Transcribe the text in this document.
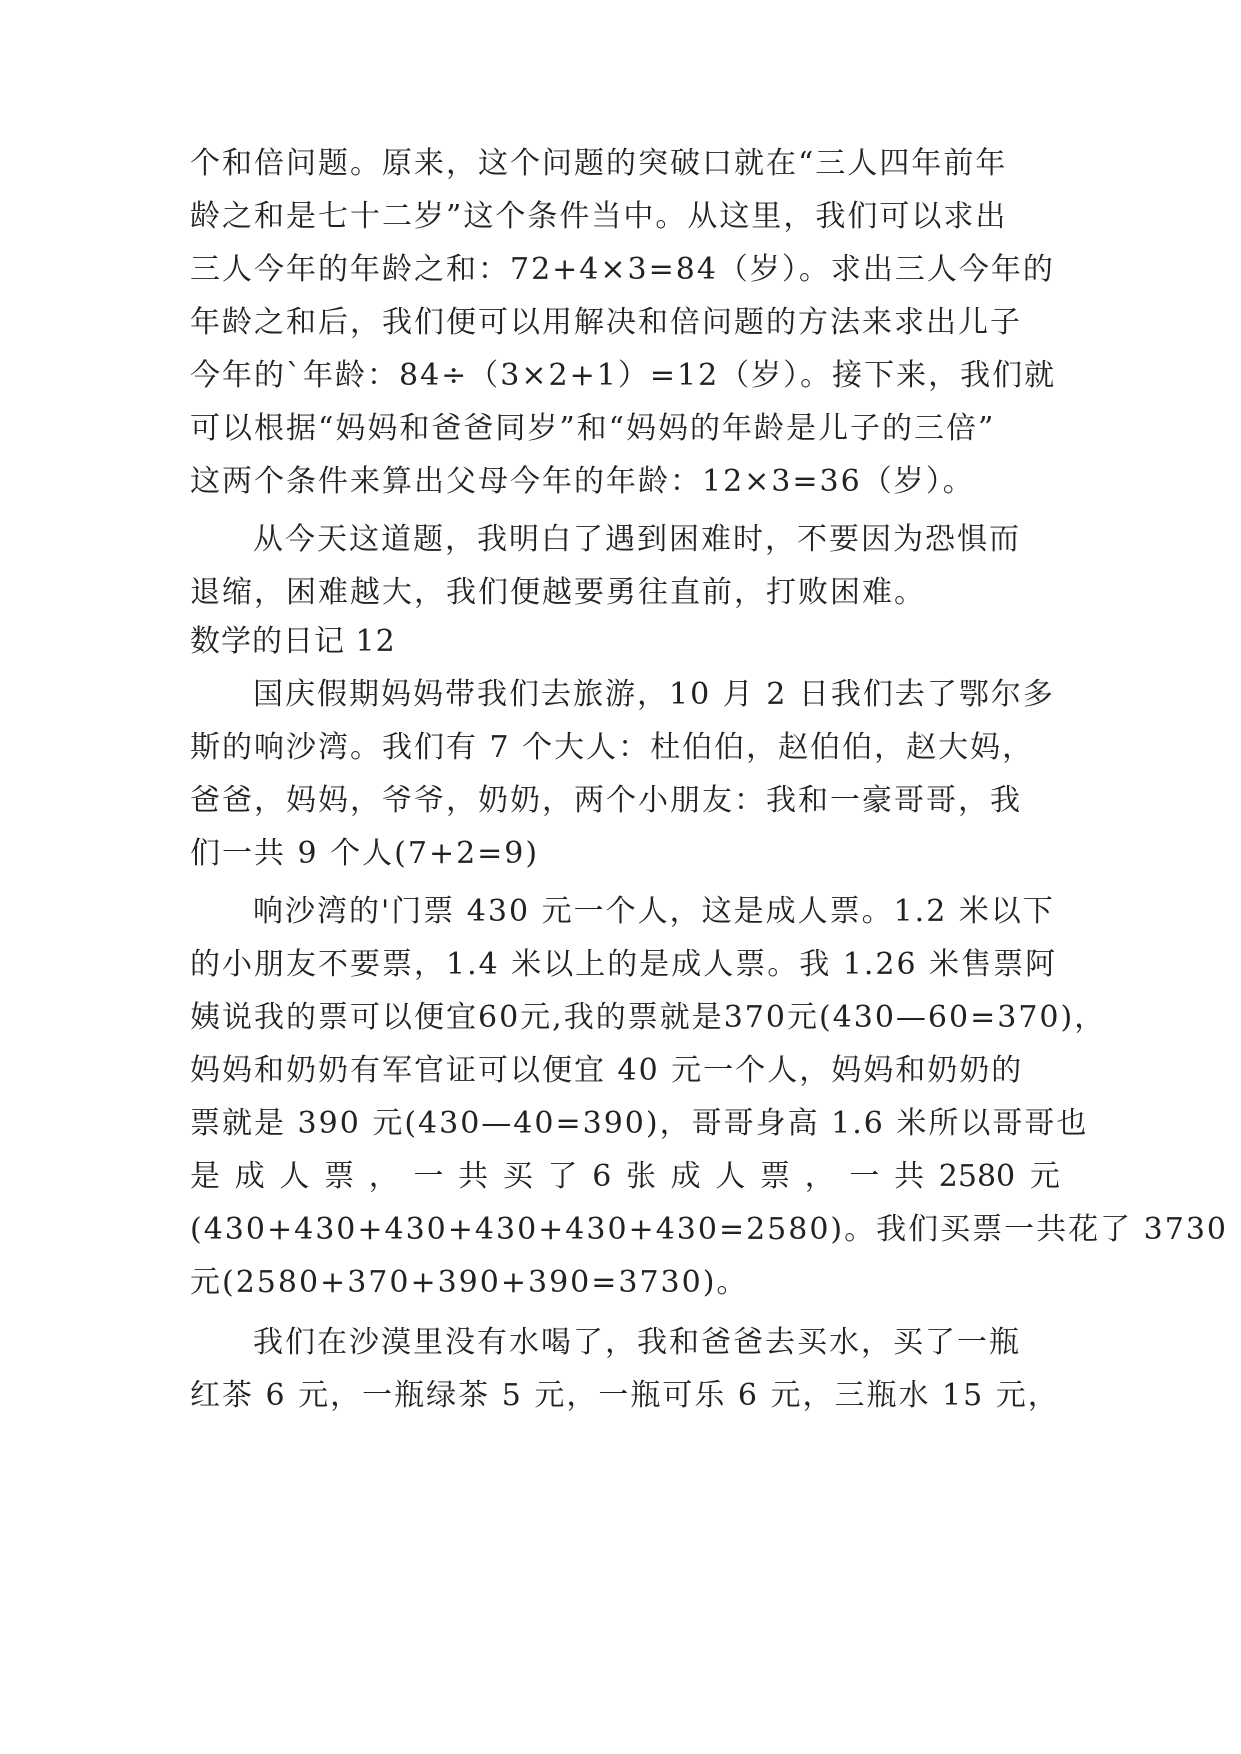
个和倍问题。原来，这个问题的突破口就在“三人四年前年
龄之和是七十二岁”这个条件当中。从这里，我们可以求出
三人今年的年龄之和：72+4×3=84（岁）。求出三人今年的
年龄之和后，我们便可以用解决和倍问题的方法来求出儿子
今年的`年龄：84÷（3×2+1）=12（岁）。接下来，我们就
可以根据“妈妈和爸爸同岁”和“妈妈的年龄是儿子的三倍”
这两个条件来算出父母今年的年龄：12×3=36（岁）。
从今天这道题，我明白了遇到困难时，不要因为恐惧而
退缩，困难越大，我们便越要勇往直前，打败困难。
数学的日记 12
国庆假期妈妈带我们去旅游，10 月 2 日我们去了鄂尔多
斯的响沙湾。我们有 7 个大人：杜伯伯，赵伯伯，赵大妈，
爸爸，妈妈，爷爷，奶奶，两个小朋友：我和一豪哥哥，我
们一共 9 个人(7+2=9)
响沙湾的'门票 430 元一个人，这是成人票。1.2 米以下
的小朋友不要票，1.4 米以上的是成人票。我 1.26 米售票阿
姨说我的票可以便宜60元,我的票就是370元(430—60=370)，
妈妈和奶奶有军官证可以便宜 40 元一个人，妈妈和奶奶的
票就是 390 元(430—40=390)，哥哥身高 1.6 米所以哥哥也
是 成 人 票 ， 一 共 买 了 6 张 成 人 票 ， 一 共 2580 元
(430+430+430+430+430+430=2580)。我们买票一共花了 3730
元(2580+370+390+390=3730)。
我们在沙漠里没有水喝了，我和爸爸去买水，买了一瓶
红茶 6 元，一瓶绿茶 5 元，一瓶可乐 6 元，三瓶水 15 元，
